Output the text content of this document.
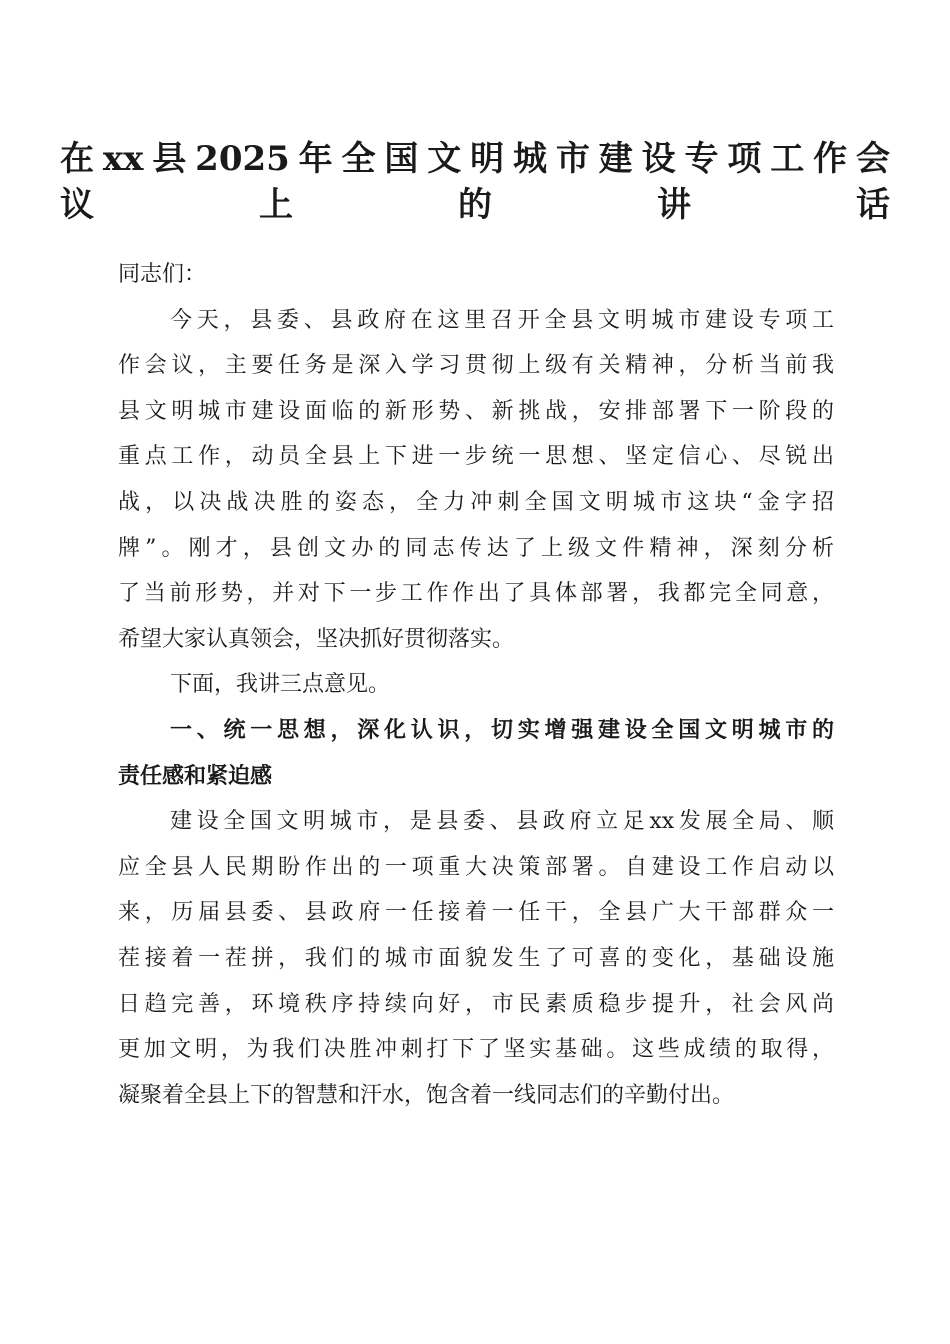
在xx县2025年全国文明城市建设专项工作会
议上的讲话
同志们：
今天，县委、县政府在这里召开全县文明城市建设专项工
作会议，主要任务是深入学习贯彻上级有关精神，分析当前我
县文明城市建设面临的新形势、新挑战，安排部署下一阶段的
重点工作，动员全县上下进一步统一思想、坚定信心、尽锐出
战，以决战决胜的姿态，全力冲刺全国文明城市这块“金字招
牌”。刚才，县创文办的同志传达了上级文件精神，深刻分析
了当前形势，并对下一步工作作出了具体部署，我都完全同意，
希望大家认真领会，坚决抓好贯彻落实。
下面，我讲三点意见。
一、统一思想，深化认识，切实增强建设全国文明城市的
责任感和紧迫感
建设全国文明城市，是县委、县政府立足xx发展全局、顺
应全县人民期盼作出的一项重大决策部署。自建设工作启动以
来，历届县委、县政府一任接着一任干，全县广大干部群众一
茬接着一茬拼，我们的城市面貌发生了可喜的变化，基础设施
日趋完善，环境秩序持续向好，市民素质稳步提升，社会风尚
更加文明，为我们决胜冲刺打下了坚实基础。这些成绩的取得，
凝聚着全县上下的智慧和汗水，饱含着一线同志们的辛勤付出。
